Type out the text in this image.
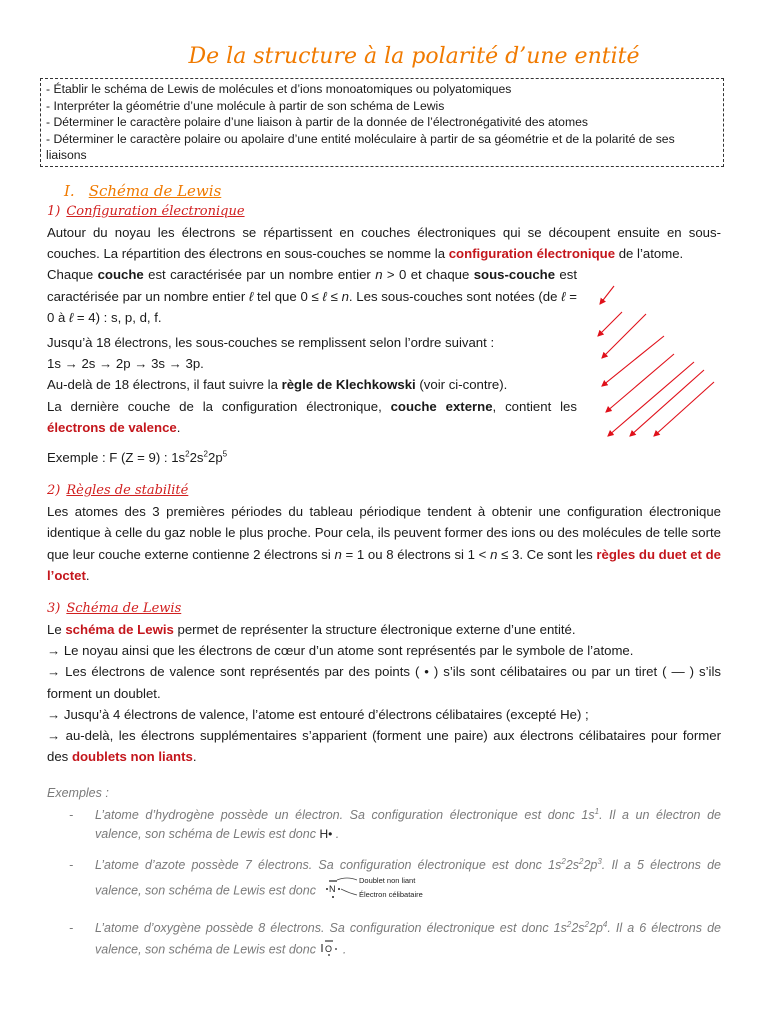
De la structure à la polarité d’une entité

- Établir le schéma de Lewis de molécules et d’ions monoatomiques ou polyatomiques

- Interpréter la géométrie d’une molécule à partir de son schéma de Lewis

- Déterminer le caractère polaire d’une liaison à partir de la donnée de l’électronégativité des atomes

- Déterminer le caractère polaire ou apolaire d’une entité moléculaire à partir de sa géométrie et de la polarité de ses liaisons

I. Schéma de Lewis
1) Configuration électronique

Autour du noyau les électrons se répartissent en couches électroniques qui se découpent ensuite en sous-couches. La répartition des électrons en sous-couches se nomme la configuration électronique de l’atome.

Chaque couche est caractérisée par un nombre entier n > 0 et chaque sous-couche est caractérisée par un nombre entier ℓ tel que 0 ≤ ℓ ≤ n. Les sous-couches sont notées (de ℓ = 0 à ℓ = 4) : s, p, d, f.

Jusqu’à 18 électrons, les sous-couches se remplissent selon l’ordre suivant :

1s → 2s → 2p → 3s → 3p.

Au-delà de 18 électrons, il faut suivre la règle de Klechkowski (voir ci-contre).

La dernière couche de la configuration électronique, couche externe, contient les électrons de valence.

Exemple : F (Z = 9) : $1s^22s^22p^5$

2) Règles de stabilité

Les atomes des 3 premières périodes du tableau périodique tendent à obtenir une configuration électronique identique à celle du gaz noble le plus proche. Pour cela, ils peuvent former des ions ou des molécules de telle sorte que leur couche externe contienne 2 électrons si n = 1 ou 8 électrons si 1 < n ≤ 3. Ce sont les règles du duet et de l’octet.

3) Schéma de Lewis

Le schéma de Lewis permet de représenter la structure électronique externe d’une entité.

→ Le noyau ainsi que les électrons de cœur d’un atome sont représentés par le symbole de l’atome.

→ Les électrons de valence sont représentés par des points ( • ) s’ils sont célibataires ou par un tiret ( — ) s’ils forment un doublet.

→ Jusqu’à 4 électrons de valence, l’atome est entouré d’électrons célibataires (excepté He) ;

→ au-delà, les électrons supplémentaires s’apparient (forment une paire) aux électrons célibataires pour former des doublets non liants.

Exemples :

- L’atome d’hydrogène possède un électron. Sa configuration électronique est donc $1s^1$. Il a un électron de valence, son schéma de Lewis est donc H• .
- L’atome d’azote possède 7 électrons. Sa configuration électronique est donc $1s^22s^22p^3$. Il a 5 électrons de valence, son schéma de Lewis est donc N
Doublet non liant
Électron célibataire
- L’atome d’oxygène possède 8 électrons. Sa configuration électronique est donc $1s^22s^22p^4$. Il a 6 électrons de valence, son schéma de Lewis est donc O .
